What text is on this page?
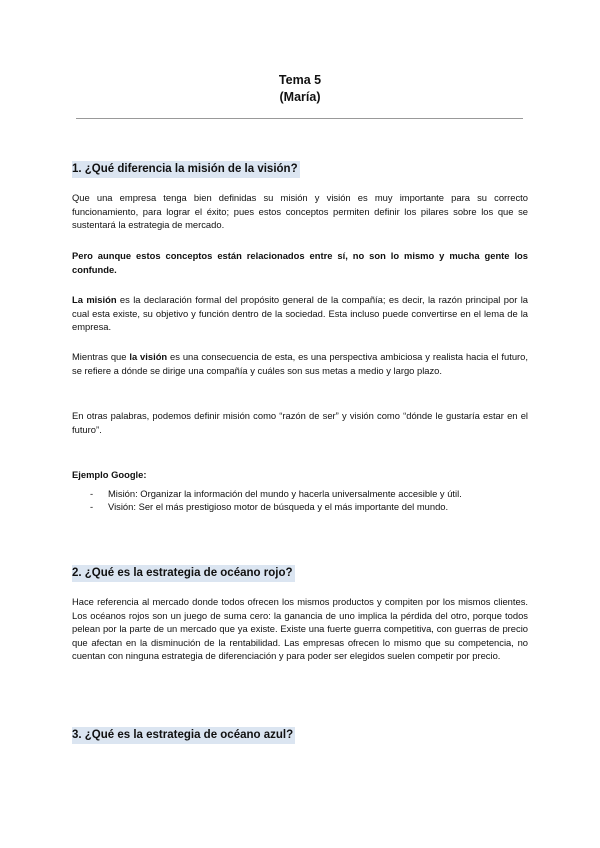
Tema 5
(María)
1. ¿Qué diferencia la misión de la visión?

Que una empresa tenga bien definidas su misión y visión es muy importante para su correcto funcionamiento, para lograr el éxito; pues estos conceptos permiten definir los pilares sobre los que se sustentará la estrategia de mercado.

Pero aunque estos conceptos están relacionados entre sí, no son lo mismo y mucha gente los confunde.

La misión es la declaración formal del propósito general de la compañía; es decir, la razón principal por la cual esta existe, su objetivo y función dentro de la sociedad. Esta incluso puede convertirse en el lema de la empresa.

Mientras que la visión es una consecuencia de esta, es una perspectiva ambiciosa y realista hacia el futuro, se refiere a dónde se dirige una compañía y cuáles son sus metas a medio y largo plazo.

En otras palabras, podemos definir misión como “razón de ser” y visión como “dónde le gustaría estar en el futuro”.

Ejemplo Google:

- Misión: Organizar la información del mundo y hacerla universalmente accesible y útil.
- Visión: Ser el más prestigioso motor de búsqueda y el más importante del mundo.
2. ¿Qué es la estrategia de océano rojo?

Hace referencia al mercado donde todos ofrecen los mismos productos y compiten por los mismos clientes. Los océanos rojos son un juego de suma cero: la ganancia de uno implica la pérdida del otro, porque todos pelean por la parte de un mercado que ya existe. Existe una fuerte guerra competitiva, con guerras de precio que afectan en la disminución de la rentabilidad. Las empresas ofrecen lo mismo que su competencia, no cuentan con ninguna estrategia de diferenciación y para poder ser elegidos suelen competir por precio.

3. ¿Qué es la estrategia de océano azul?
